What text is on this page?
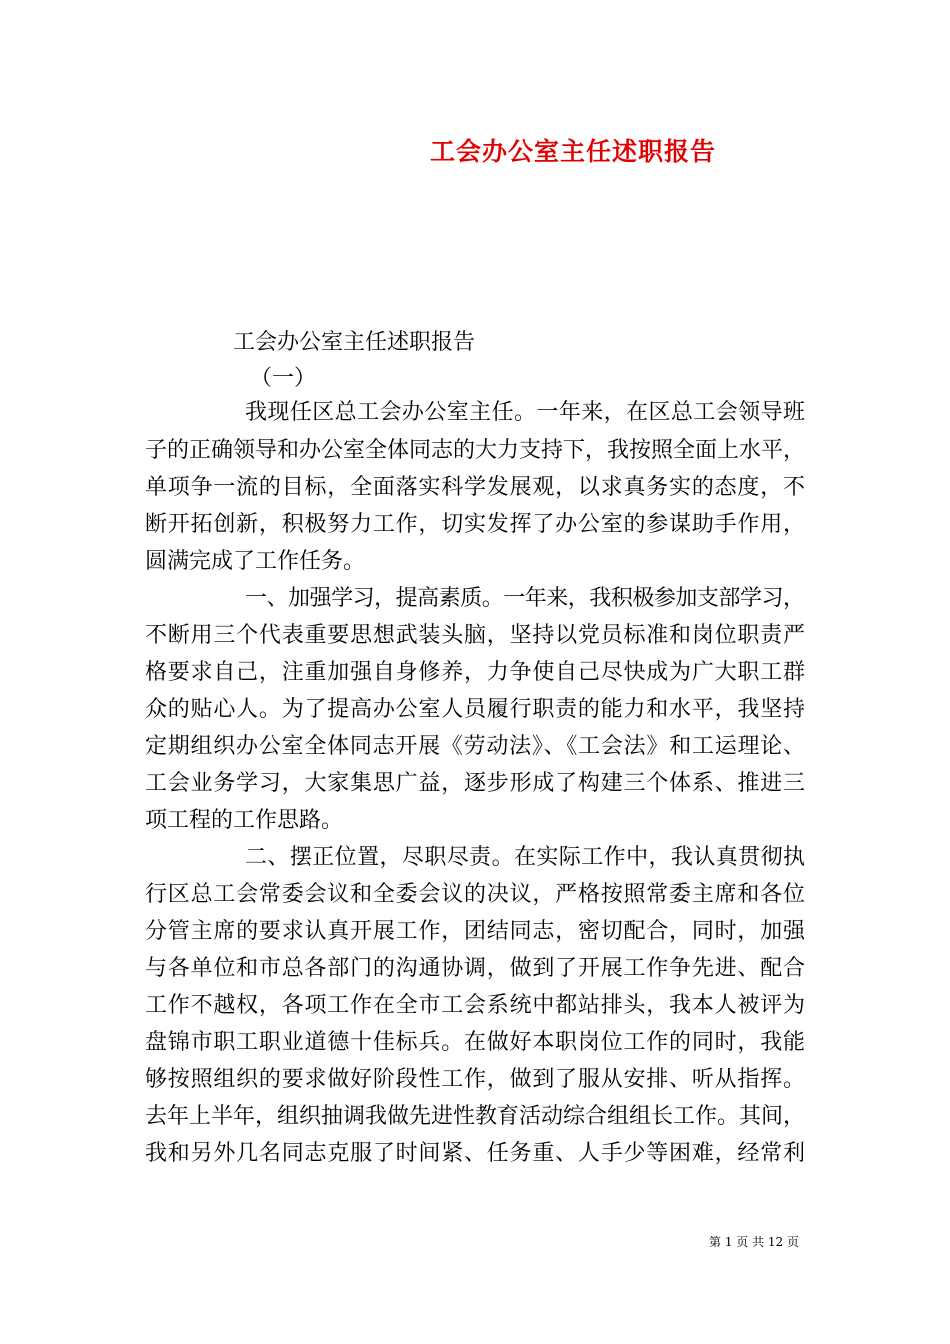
工会办公室主任述职报告
工会办公室主任述职报告
（一）
我现任区总工会办公室主任。一年来，在区总工会领导班
子的正确领导和办公室全体同志的大力支持下，我按照全面上水平，
单项争一流的目标，全面落实科学发展观，以求真务实的态度，不
断开拓创新，积极努力工作，切实发挥了办公室的参谋助手作用，
圆满完成了工作任务。
一、加强学习，提高素质。一年来，我积极参加支部学习，
不断用三个代表重要思想武装头脑，坚持以党员标准和岗位职责严
格要求自己，注重加强自身修养，力争使自己尽快成为广大职工群
众的贴心人。为了提高办公室人员履行职责的能力和水平，我坚持
定期组织办公室全体同志开展《劳动法》、《工会法》和工运理论、
工会业务学习，大家集思广益，逐步形成了构建三个体系、推进三
项工程的工作思路。
二、摆正位置，尽职尽责。在实际工作中，我认真贯彻执
行区总工会常委会议和全委会议的决议，严格按照常委主席和各位
分管主席的要求认真开展工作，团结同志，密切配合，同时，加强
与各单位和市总各部门的沟通协调，做到了开展工作争先进、配合
工作不越权，各项工作在全市工会系统中都站排头，我本人被评为
盘锦市职工职业道德十佳标兵。在做好本职岗位工作的同时，我能
够按照组织的要求做好阶段性工作，做到了服从安排、听从指挥。
去年上半年，组织抽调我做先进性教育活动综合组组长工作。其间，
我和另外几名同志克服了时间紧、任务重、人手少等困难，经常利
第 1 页 共 12 页
